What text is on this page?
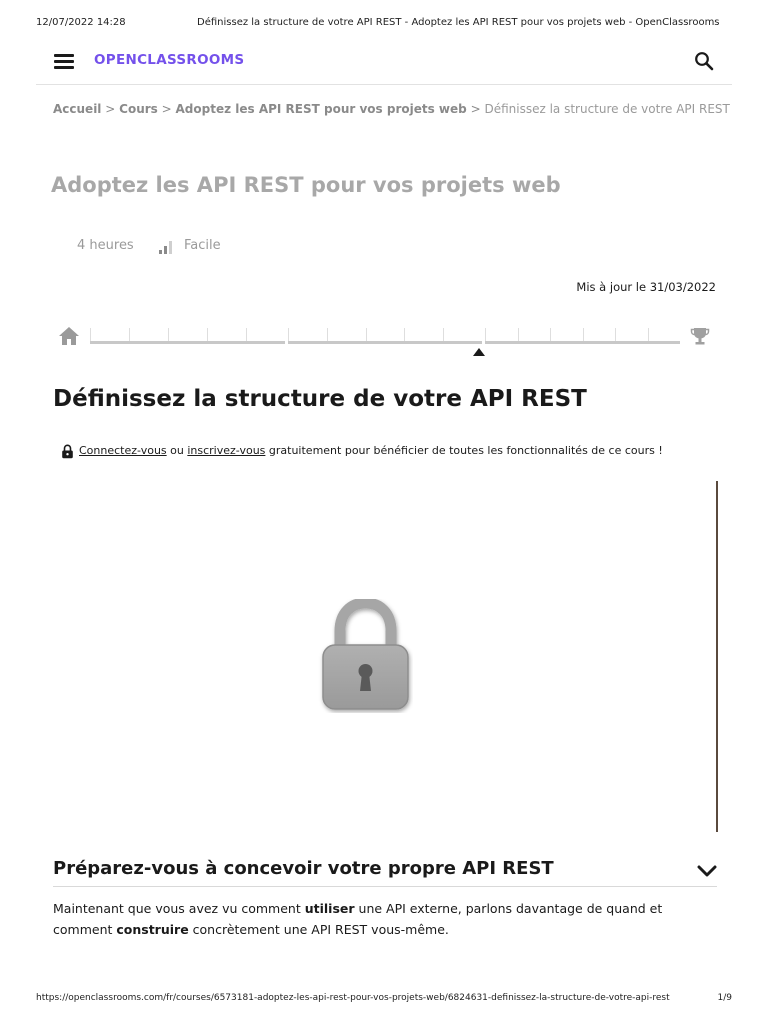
12/07/2022 14:28	Définissez la structure de votre API REST - Adoptez les API REST pour vos projets web - OpenClassrooms
OPENCLASSROOMS
Accueil > Cours > Adoptez les API REST pour vos projets web > Définissez la structure de votre API REST
Adoptez les API REST pour vos projets web
4 heures	Facile
Mis à jour le 31/03/2022
Définissez la structure de votre API REST
Connectez-vous ou inscrivez-vous gratuitement pour bénéficier de toutes les fonctionnalités de ce cours !
Préparez-vous à concevoir votre propre API REST

Maintenant que vous avez vu comment utiliser une API externe, parlons davantage de quand et comment construire concrètement une API REST vous-même.

https://openclassrooms.com/fr/courses/6573181-adoptez-les-api-rest-pour-vos-projets-web/6824631-definissez-la-structure-de-votre-api-rest	1/9
